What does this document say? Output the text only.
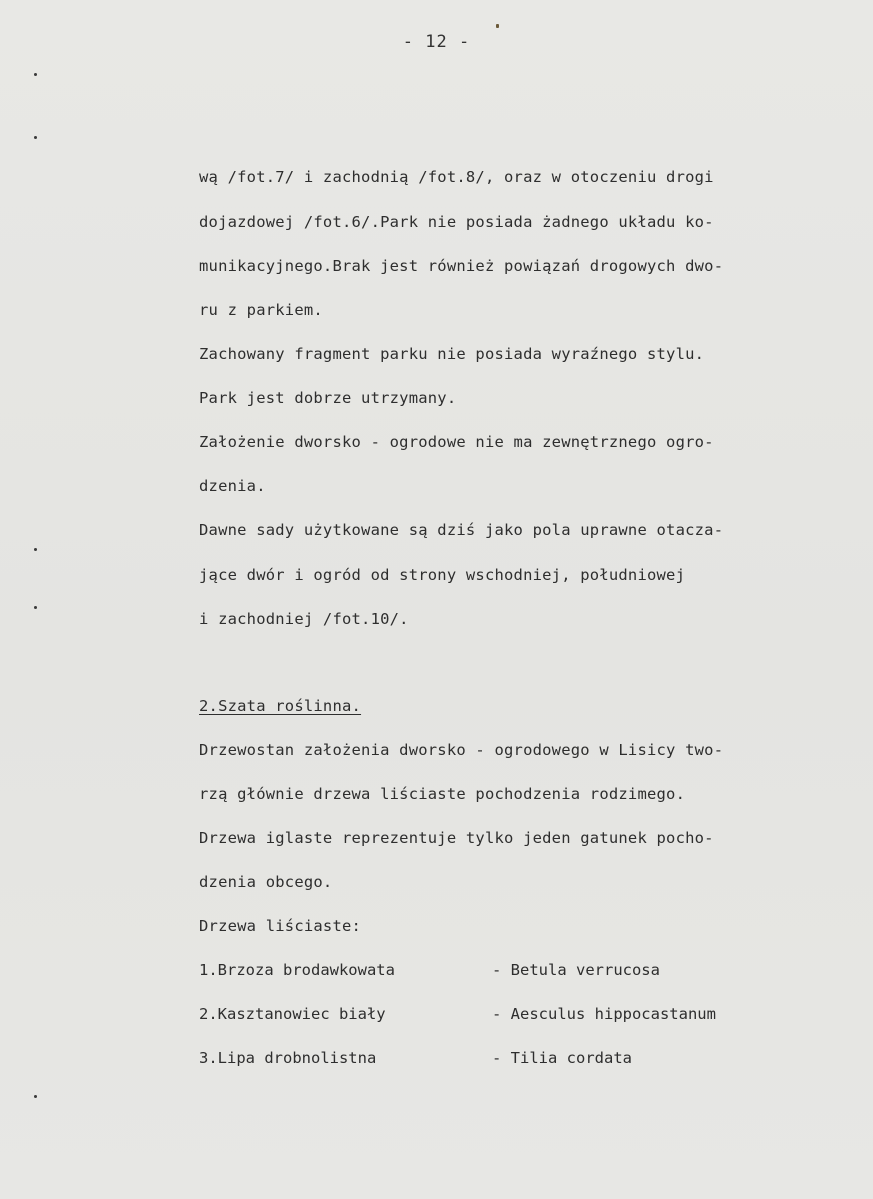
- 12 -
wą /fot.7/ i zachodnią /fot.8/, oraz w otoczeniu drogi
dojazdowej /fot.6/.Park nie posiada żadnego układu ko-
munikacyjnego.Brak jest również powiązań drogowych dwo-
ru z parkiem.
Zachowany fragment parku nie posiada wyraźnego stylu.
Park jest dobrze utrzymany.
Założenie dworsko - ogrodowe nie ma zewnętrznego ogro-
dzenia.
Dawne sady użytkowane są dziś jako pola uprawne otacza-
jące dwór i ogród od strony wschodniej, południowej
i zachodniej /fot.10/.
2.Szata roślinna.
Drzewostan założenia dworsko - ogrodowego w Lisicy two-
rzą głównie drzewa liściaste pochodzenia rodzimego.
Drzewa iglaste reprezentuje tylko jeden gatunek pocho-
dzenia obcego.
Drzewa liściaste:
1.Brzoza brodawkowata	- Betula verrucosa
2.Kasztanowiec biały	- Aesculus hippocastanum
3.Lipa drobnolistna	- Tilia cordata
